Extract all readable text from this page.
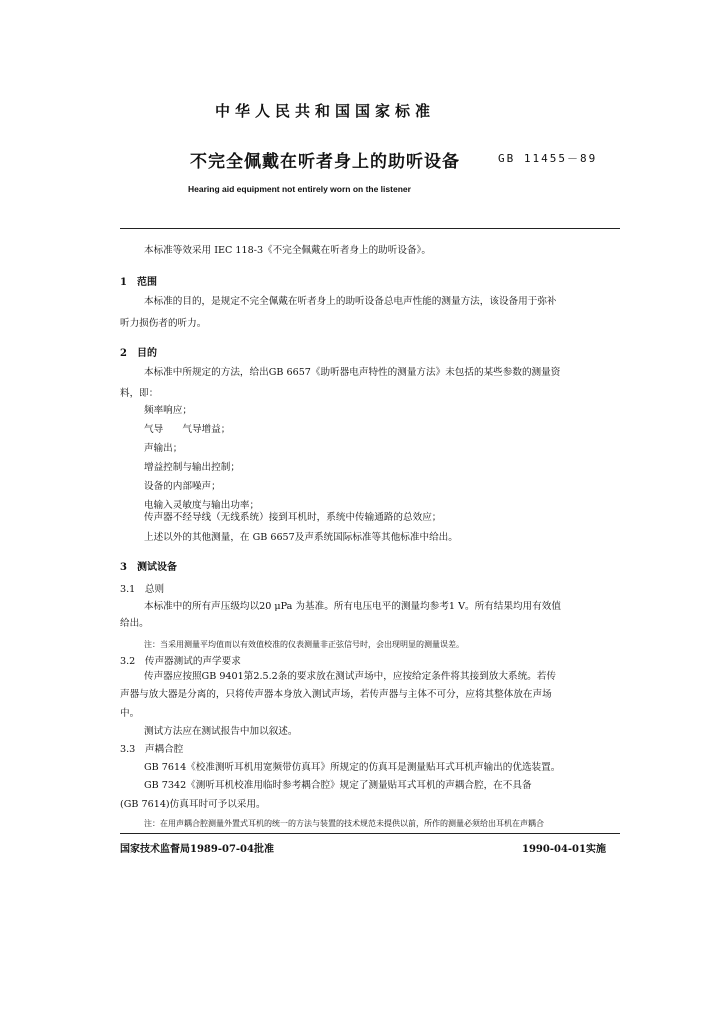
中华人民共和国国家标准
不完全佩戴在听者身上的助听设备	GB 11455－89
Hearing aid equipment not entirely worn on the listener
本标准等效采用 IEC 118-3《不完全佩戴在听者身上的助听设备》。
1　范围
本标准的目的，是规定不完全佩戴在听者身上的助听设备总电声性能的测量方法，该设备用于弥补
听力损伤者的听力。
2　目的
本标准中所规定的方法，给出GB 6657《助听器电声特性的测量方法》未包括的某些参数的测量资
料，即：
频率响应；
气导　　气导增益；
声输出；
增益控制与输出控制；
设备的内部噪声；
电输入灵敏度与输出功率；
传声器不经导线（无线系统）接到耳机时，系统中传输通路的总效应；
上述以外的其他测量，在 GB 6657及声系统国际标准等其他标准中给出。
3　测试设备
3.1　总则
本标准中的所有声压级均以20 μPa 为基准。所有电压电平的测量均参考1 V。所有结果均用有效值
给出。
注：当采用测量平均值而以有效值校准的仪表测量非正弦信号时，会出现明显的测量误差。
3.2　传声器测试的声学要求
传声器应按照GB 9401第2.5.2条的要求放在测试声场中，应按给定条件将其接到放大系统。若传
声器与放大器是分离的，只将传声器本身放入测试声场，若传声器与主体不可分，应将其整体放在声场
中。
测试方法应在测试报告中加以叙述。
3.3　声耦合腔
GB 7614《校准测听耳机用宽频带仿真耳》所规定的仿真耳是测量贴耳式耳机声输出的优选装置。
GB 7342《测听耳机校准用临时参考耦合腔》规定了测量贴耳式耳机的声耦合腔，在不具备
(GB 7614)仿真耳时可予以采用。
注：在用声耦合腔测量外置式耳机的统一的方法与装置的技术规范未提供以前，所作的测量必须给出耳机在声耦合
国家技术监督局1989-07-04批准	1990-04-01实施
